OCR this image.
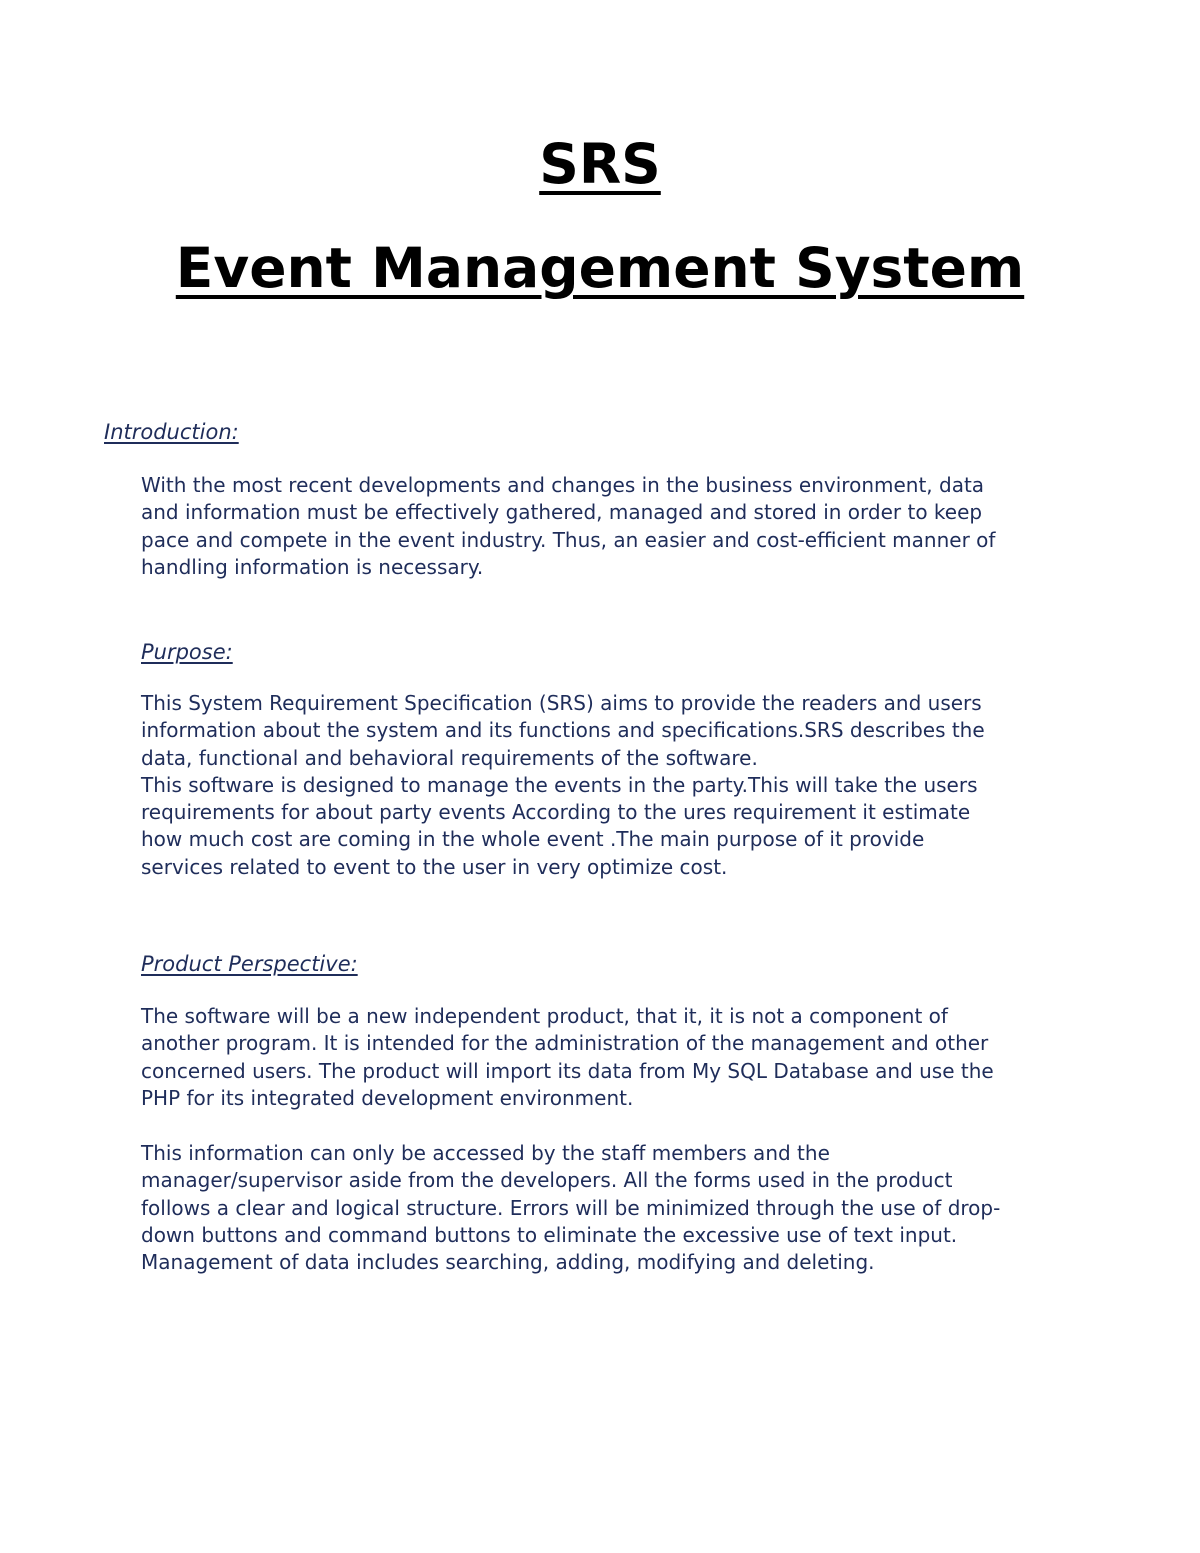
SRS
Event Management System

Introduction:

With the most recent developments and changes in the business environment, data
and information must be effectively gathered, managed and stored in order to keep
pace and compete in the event industry. Thus, an easier and cost-efficient manner of
handling information is necessary.

Purpose:

This System Requirement Specification (SRS) aims to provide the readers and users
information about the system and its functions and specifications.SRS describes the
data, functional and behavioral requirements of the software.
This software is designed to manage the events in the party.This will take the users
requirements for about party events According to the ures requirement it estimate
how much cost are coming in the whole event .The main purpose of it provide
services related to event to the user in very optimize cost.

Product Perspective:

The software will be a new independent product, that it, it is not a component of
another program. It is intended for the administration of the management and other
concerned users. The product will import its data from My SQL Database and use the
PHP for its integrated development environment.

This information can only be accessed by the staff members and the
manager/supervisor aside from the developers. All the forms used in the product
follows a clear and logical structure. Errors will be minimized through the use of drop-
down buttons and command buttons to eliminate the excessive use of text input.
Management of data includes searching, adding, modifying and deleting.
